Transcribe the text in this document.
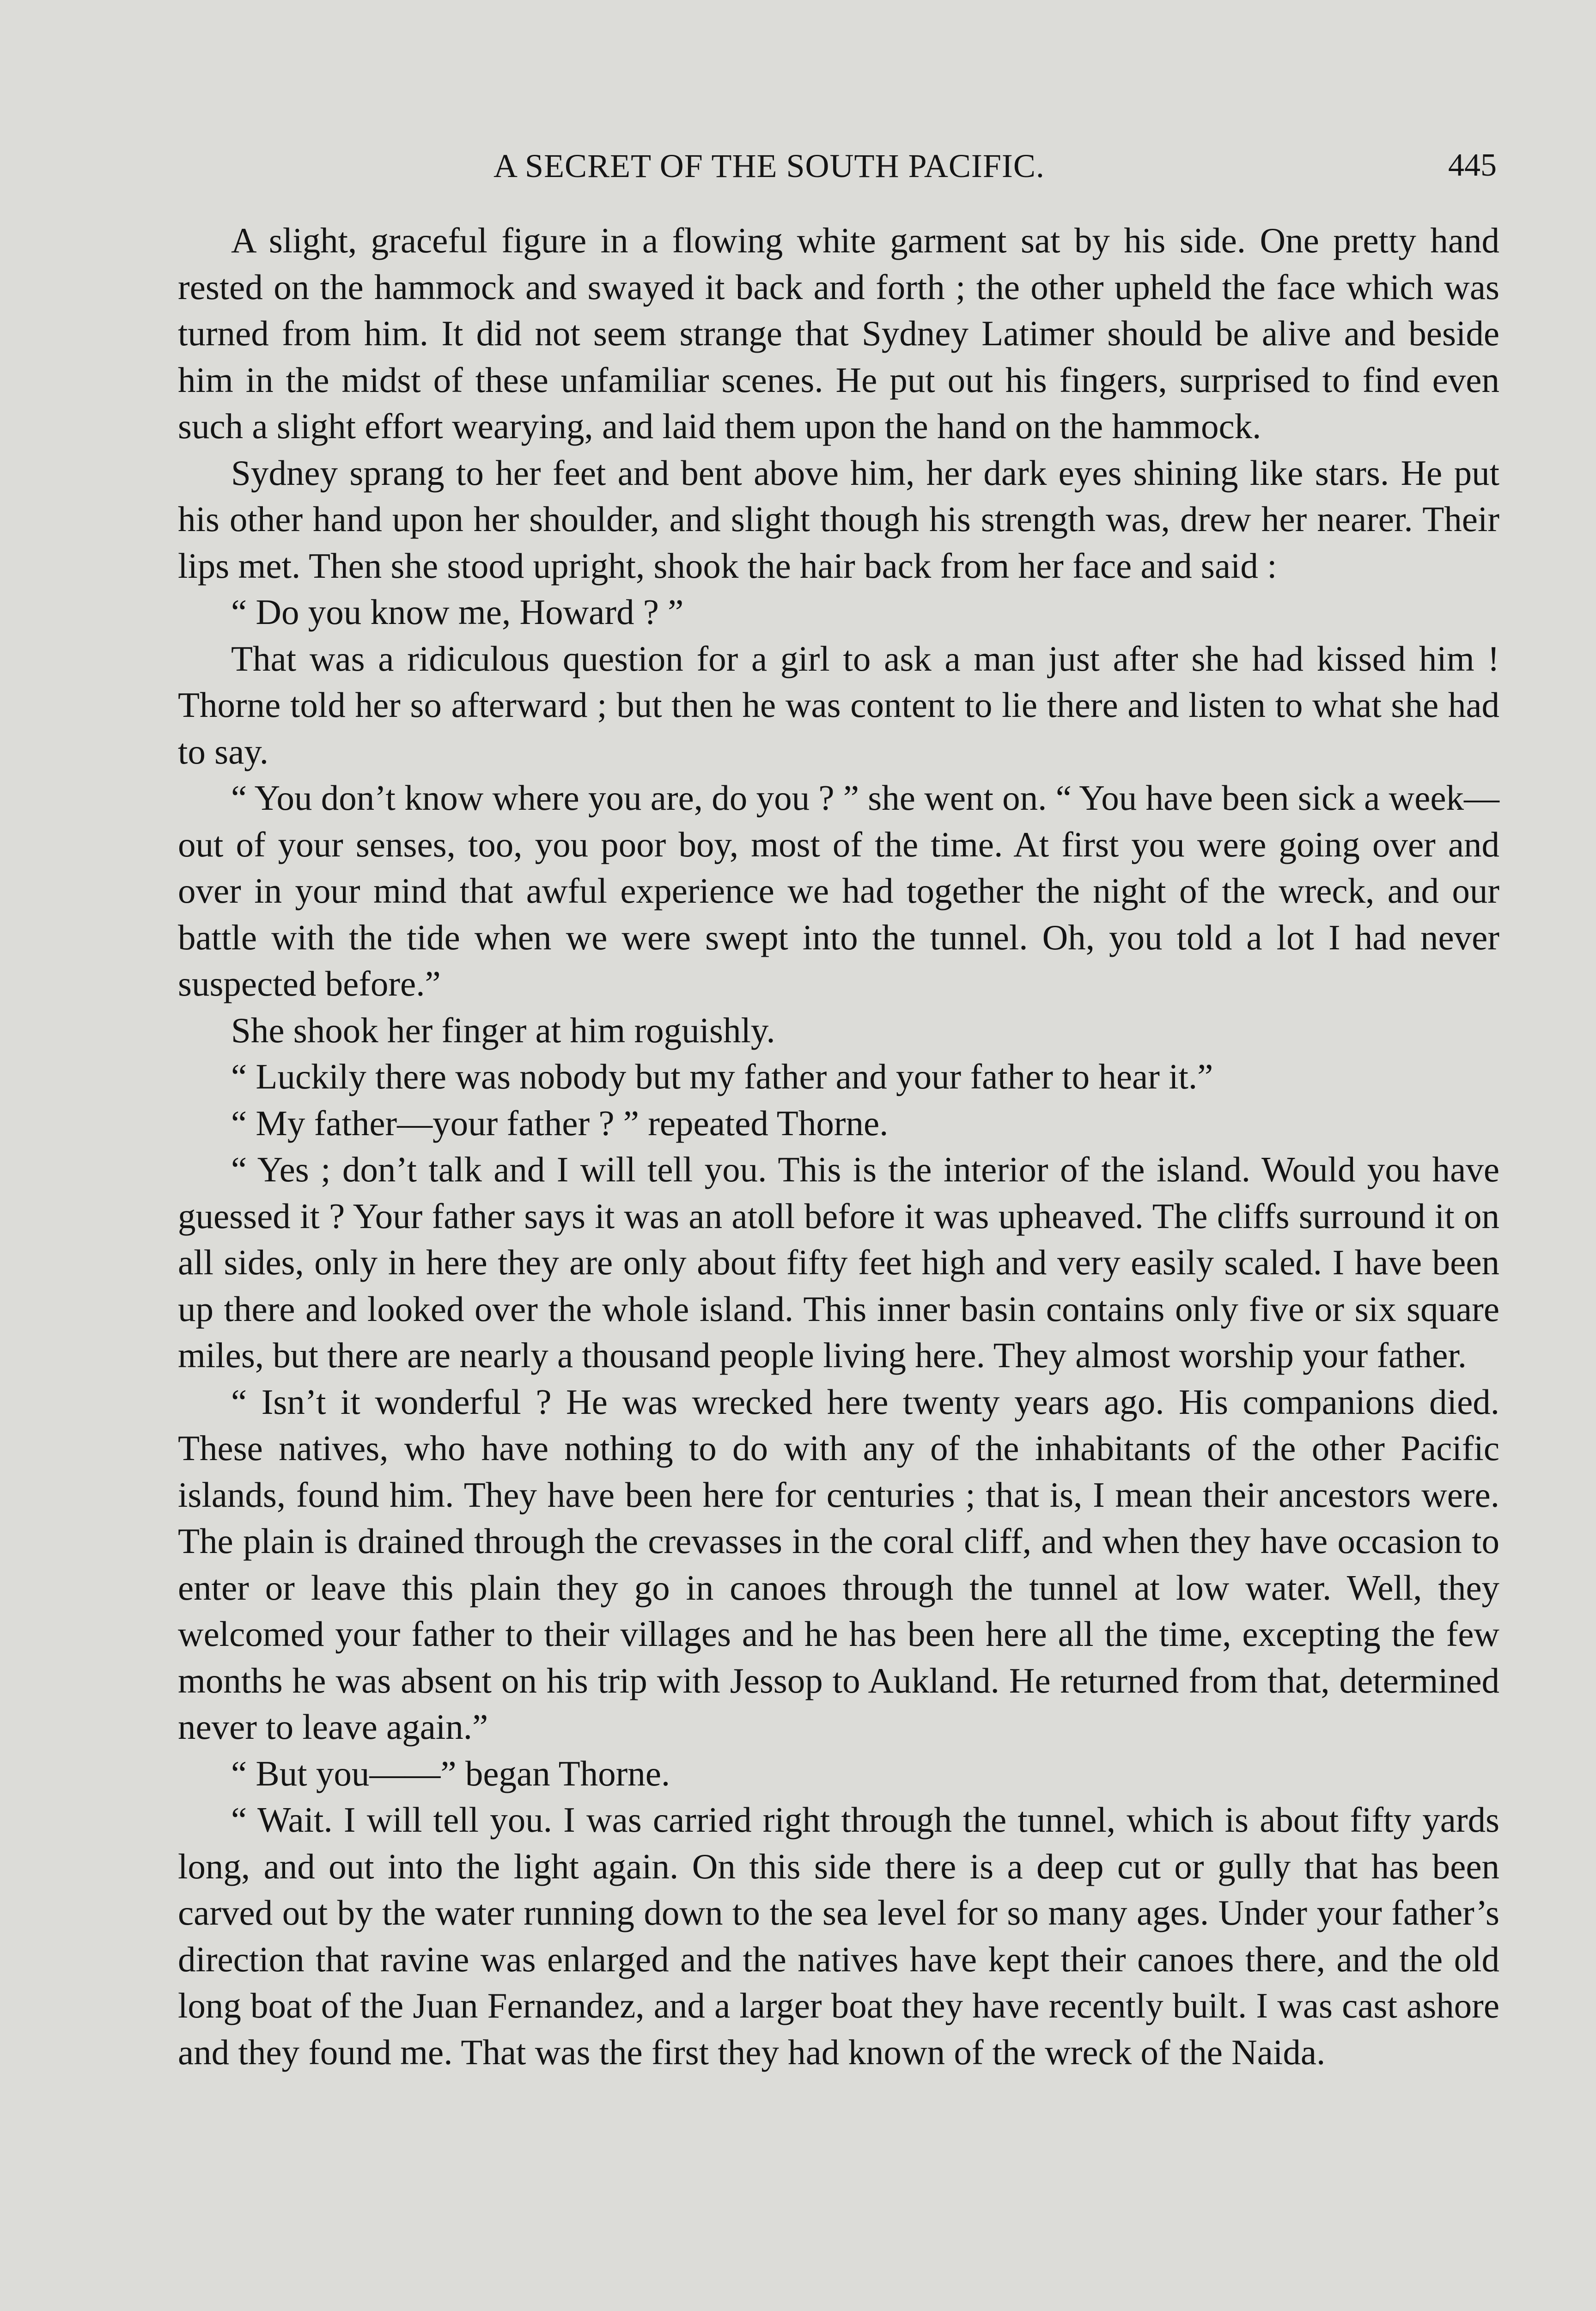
A SECRET OF THE SOUTH PACIFIC.	445

A slight, graceful figure in a flowing white garment sat by his side. One pretty hand rested on the hammock and swayed it back and forth ; the other upheld the face which was turned from him. It did not seem strange that Sydney Latimer should be alive and beside him in the midst of these unfamiliar scenes. He put out his fingers, surprised to find even such a slight effort wearying, and laid them upon the hand on the hammock.

Sydney sprang to her feet and bent above him, her dark eyes shining like stars. He put his other hand upon her shoulder, and slight though his strength was, drew her nearer. Their lips met. Then she stood upright, shook the hair back from her face and said :

“ Do you know me, Howard ? ”

That was a ridiculous question for a girl to ask a man just after she had kissed him ! Thorne told her so afterward ; but then he was content to lie there and listen to what she had to say.

“ You don’t know where you are, do you ? ” she went on. “ You have been sick a week—out of your senses, too, you poor boy, most of the time. At first you were going over and over in your mind that awful experience we had together the night of the wreck, and our battle with the tide when we were swept into the tunnel. Oh, you told a lot I had never suspected before.”

She shook her finger at him roguishly.

“ Luckily there was nobody but my father and your father to hear it.”

“ My father—your father ? ” repeated Thorne.

“ Yes ; don’t talk and I will tell you. This is the interior of the island. Would you have guessed it ? Your father says it was an atoll before it was upheaved. The cliffs surround it on all sides, only in here they are only about fifty feet high and very easily scaled. I have been up there and looked over the whole island. This inner basin contains only five or six square miles, but there are nearly a thousand people living here. They almost worship your father.

“ Isn’t it wonderful ? He was wrecked here twenty years ago. His companions died. These natives, who have nothing to do with any of the inhabitants of the other Pacific islands, found him. They have been here for centuries ; that is, I mean their ancestors were. The plain is drained through the crevasses in the coral cliff, and when they have occasion to enter or leave this plain they go in canoes through the tunnel at low water. Well, they welcomed your father to their villages and he has been here all the time, excepting the few months he was absent on his trip with Jessop to Aukland. He returned from that, determined never to leave again.”

“ But you——” began Thorne.

“ Wait. I will tell you. I was carried right through the tunnel, which is about fifty yards long, and out into the light again. On this side there is a deep cut or gully that has been carved out by the water running down to the sea level for so many ages. Under your father’s direction that ravine was enlarged and the natives have kept their canoes there, and the old long boat of the Juan Fernandez, and a larger boat they have recently built. I was cast ashore and they found me. That was the first they had known of the wreck of the Naida.
